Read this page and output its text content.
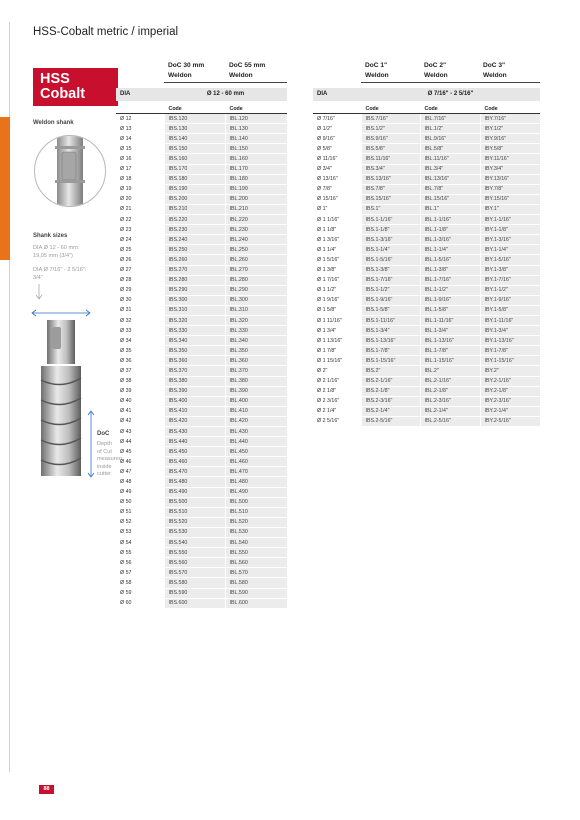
HSS-Cobalt metric / imperial
HSS
Cobalt
Weldon shank
Shank sizes
DIA Ø 12 - 60 mm:
19,05 mm (3/4")
DIA Ø 7/16" - 2 5/16":
3/4"
DoC
Depth
of Cut
measured
inside
cutter
DoC 30 mm
Weldon
DoC 55 mm
Weldon
DIA	Ø 12 - 60 mm
	Code	Code
Ø 12	IBS.120	IBL.120
Ø 13	IBS.130	IBL.130
Ø 14	IBS.140	IBL.140
Ø 15	IBS.150	IBL.150
Ø 16	IBS.160	IBL.160
Ø 17	IBS.170	IBL.170
Ø 18	IBS.180	IBL.180
Ø 19	IBS.190	IBL.190
Ø 20	IBS.200	IBL.200
Ø 21	IBS.210	IBL.210
Ø 22	IBS.220	IBL.220
Ø 23	IBS.230	IBL.230
Ø 24	IBS.240	IBL.240
Ø 25	IBS.250	IBL.250
Ø 26	IBS.260	IBL.260
Ø 27	IBS.270	IBL.270
Ø 28	IBS.280	IBL.280
Ø 29	IBS.290	IBL.290
Ø 30	IBS.300	IBL.300
Ø 31	IBS.310	IBL.310
Ø 32	IBS.320	IBL.320
Ø 33	IBS.330	IBL.330
Ø 34	IBS.340	IBL.340
Ø 35	IBS.350	IBL.350
Ø 36	IBS.360	IBL.360
Ø 37	IBS.370	IBL.370
Ø 38	IBS.380	IBL.380
Ø 39	IBS.390	IBL.390
Ø 40	IBS.400	IBL.400
Ø 41	IBS.410	IBL.410
Ø 42	IBS.420	IBL.420
Ø 43	IBS.430	IBL.430
Ø 44	IBS.440	IBL.440
Ø 45	IBS.450	IBL.450
Ø 46	IBS.460	IBL.460
Ø 47	IBS.470	IBL.470
Ø 48	IBS.480	IBL.480
Ø 49	IBS.490	IBL.490
Ø 50	IBS.500	IBL.500
Ø 51	IBS.510	IBL.510
Ø 52	IBS.520	IBL.520
Ø 53	IBS.530	IBL.530
Ø 54	IBS.540	IBL.540
Ø 55	IBS.550	IBL.550
Ø 56	IBS.560	IBL.560
Ø 57	IBS.570	IBL.570
Ø 58	IBS.580	IBL.580
Ø 59	IBS.590	IBL.590
Ø 60	IBS.600	IBL.600
DoC 1"
Weldon
DoC 2"
Weldon
DoC 3"
Weldon
DIA	Ø 7/16" - 2 5/16"
	Code	Code	Code
Ø 7/16"	IBS.7/16"	IBL.7/16"	IBY.7/16"
Ø 1/2"	IBS.1/2"	IBL.1/2"	IBY.1/2"
Ø 9/16"	IBS.9/16"	IBL.9/16"	IBY.9/16"
Ø 5/8"	IBS.5/8"	IBL.5/8"	IBY.5/8"
Ø 11/16"	IBS.11/16"	IBL.11/16"	IBY.11/16"
Ø 3/4"	IBS.3/4"	IBL.3/4"	IBY.3/4"
Ø 13/16"	IBS.13/16"	IBL.13/16"	IBY.13/16"
Ø 7/8"	IBS.7/8"	IBL.7/8"	IBY.7/8"
Ø 15/16"	IBS.15/16"	IBL.15/16"	IBY.15/16"
Ø 1"	IBS.1"	IBL.1"	IBY.1"
Ø 1 1/16"	IBS.1-1/16"	IBL.1-1/16"	IBY.1-1/16"
Ø 1 1/8"	IBS.1-1/8"	IBL.1-1/8"	IBY.1-1/8"
Ø 1 3/16"	IBS.1-3/16"	IBL.1-3/16"	IBY.1-3/16"
Ø 1 1/4"	IBS.1-1/4"	IBL.1-1/4"	IBY.1-1/4"
Ø 1 5/16"	IBS.1-5/16"	IBL.1-5/16"	IBY.1-5/16"
Ø 1 3/8"	IBS.1-3/8"	IBL.1-3/8"	IBY.1-3/8"
Ø 1 7/16"	IBS.1-7/16"	IBL.1-7/16"	IBY.1-7/16"
Ø 1 1/2"	IBS.1-1/2"	IBL.1-1/2"	IBY.1-1/2"
Ø 1 9/16"	IBS.1-9/16"	IBL.1-9/16"	IBY.1-9/16"
Ø 1 5/8"	IBS.1-5/8"	IBL.1-5/8"	IBY.1-5/8"
Ø 1 11/16"	IBS.1-11/16"	IBL.1-11/16"	IBY.1-11/16"
Ø 1 3/4"	IBS.1-3/4"	IBL.1-3/4"	IBY.1-3/4"
Ø 1 13/16"	IBS.1-13/16"	IBL.1-13/16"	IBY.1-13/16"
Ø 1 7/8"	IBS.1-7/8"	IBL.1-7/8"	IBY.1-7/8"
Ø 1 15/16"	IBS.1-15/16"	IBL.1-15/16"	IBY.1-15/16"
Ø 2"	IBS.2"	IBL.2"	IBY.2"
Ø 2 1/16"	IBS.2-1/16"	IBL.2-1/16"	IBY.2-1/16"
Ø 2 1/8"	IBS.2-1/8"	IBL.2-1/8"	IBY.2-1/8"
Ø 2 3/16"	IBS.2-3/16"	IBL.2-3/16"	IBY.2-3/16"
Ø 2 1/4"	IBS.2-1/4"	IBL.2-1/4"	IBY.2-1/4"
Ø 2 5/16"	IBS.2-5/16"	IBL.2-5/16"	IBY.2-5/16"
88
